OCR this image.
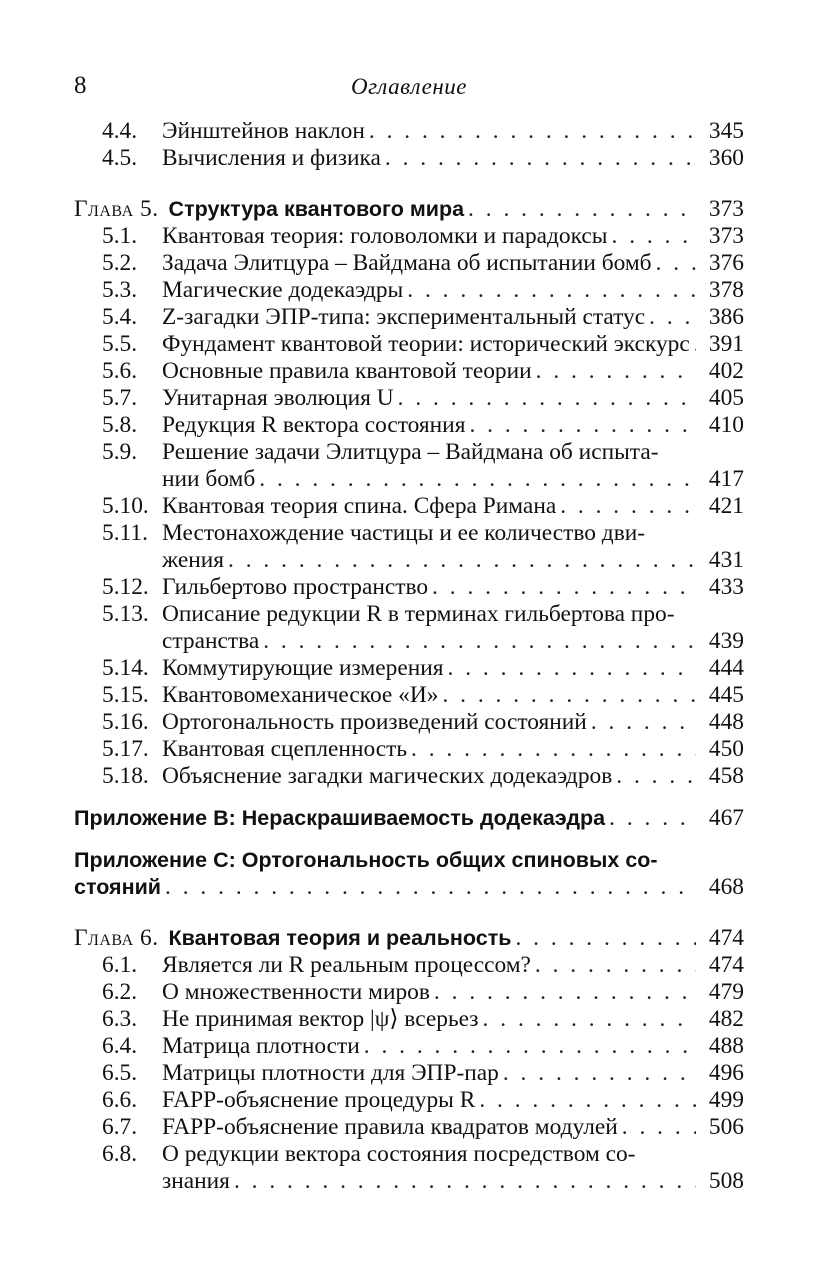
8	Оглавление
4.4.	Эйнштейнов наклон . . .	345
4.5.	Вычисления и физика . . .	360
Глава 5. Структура квантового мира . . .	373
5.1.	Квантовая теория: головоломки и парадоксы . . .	373
5.2.	Задача Элитцура – Вайдмана об испытании бомб . . .	376
5.3.	Магические додекаэдры . . .	378
5.4.	Z-загадки ЭПР-типа: экспериментальный статус . . .	386
5.5.	Фундамент квантовой теории: исторический экскурс . . . 391
5.6.	Основные правила квантовой теории . . .	402
5.7.	Унитарная эволюция U . . .	405
5.8.	Редукция R вектора состояния . . .	410
5.9.	Решение задачи Элитцура – Вайдмана об испыта-
нии бомб . . .	417
5.10. Квантовая теория спина. Сфера Римана . . .	421
5.11. Местонахождение частицы и ее количество дви-
жения . . .	431
5.12. Гильбертово пространство . . .	433
5.13. Описание редукции R в терминах гильбертова про-
странства . . .	439
5.14. Коммутирующие измерения . . .	444
5.15. Квантовомеханическое «И» . . .	445
5.16. Ортогональность произведений состояний . . .	448
5.17. Квантовая сцепленность . . .	450
5.18. Объяснение загадки магических додекаэдров . . .	458
Приложение В: Нераскрашиваемость додекаэдра . . .	467
Приложение С: Ортогональность общих спиновых со-
стояний . . .	468
Глава 6. Квантовая теория и реальность . . .	474
6.1.	Является ли R реальным процессом? . . .	474
6.2.	О множественности миров . . .	479
6.3.	Не принимая вектор |ψ⟩ всерьез . . .	482
6.4.	Матрица плотности . . .	488
6.5.	Матрицы плотности для ЭПР-пар . . .	496
6.6.	FAPP-объяснение процедуры R . . .	499
6.7.	FAPP-объяснение правила квадратов модулей . . .	506
6.8.	О редукции вектора состояния посредством со-
знания . . .	508
